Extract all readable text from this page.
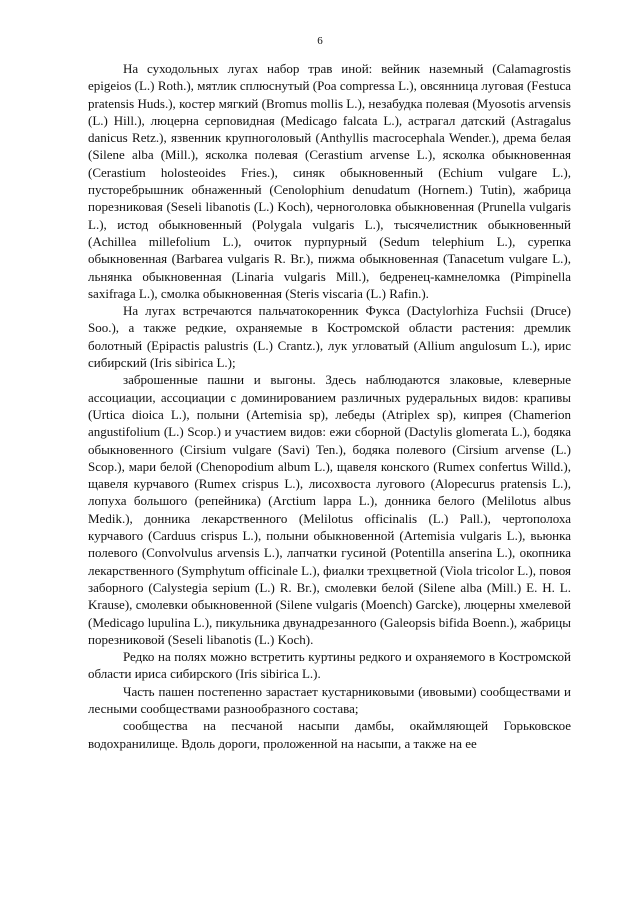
6

На суходольных лугах набор трав иной: вейник наземный (Calamagrostis epigeios (L.) Roth.), мятлик сплюснутый (Poa compressa L.), овсянница луговая (Festuca pratensis Huds.), костер мягкий (Bromus mollis L.), незабудка полевая (Myosotis arvensis (L.) Hill.), люцерна серповидная (Medicago falcata L.), астрагал датский (Astragalus danicus Retz.), язвенник крупноголовый (Anthyllis macrocephala Wender.), дрема белая (Silene alba (Mill.), ясколка полевая (Cerastium arvense L.), ясколка обыкновенная (Cerastium holosteoides Fries.), синяк обыкновенный (Echium vulgare L.), пусторебрышник обнаженный (Cenolophium denudatum (Hornem.) Tutin), жабрица порезниковая (Seseli libanotis (L.) Koch), черноголовка обыкновенная (Prunella vulgaris L.), истод обыкновенный (Polygala vulgaris L.), тысячелистник обыкновенный (Achillea millefolium L.), очиток пурпурный (Sedum telephium L.), сурепка обыкновенная (Barbarea vulgaris R. Br.), пижма обыкновенная (Tanacetum vulgare L.), льнянка обыкновенная (Linaria vulgaris Mill.), бедренец-камнеломка (Pimpinella saxifraga L.), смолка обыкновенная (Steris viscaria (L.) Rafin.).

На лугах встречаются пальчатокоренник Фукса (Dactylorhiza Fuchsii (Druce) Soo.), а также редкие, охраняемые в Костромской области растения: дремлик болотный (Epipactis palustris (L.) Crantz.), лук угловатый (Allium angulosum L.), ирис сибирский (Iris sibirica L.);

заброшенные пашни и выгоны. Здесь наблюдаются злаковые, клеверные ассоциации, ассоциации с доминированием различных рудеральных видов: крапивы (Urtica dioica L.), полыни (Artemisia sp), лебеды (Atriplex sp), кипрея (Chamerion angustifolium (L.) Scop.) и участием видов: ежи сборной (Dactylis glomerata L.), бодяка обыкновенного (Cirsium vulgare (Savi) Ten.), бодяка полевого (Cirsium arvense (L.) Scop.), мари белой (Chenopodium album L.), щавеля конского (Rumex confertus Willd.), щавеля курчавого (Rumex crispus L.), лисохвоста лугового (Alopecurus pratensis L.), лопуха большого (репейника) (Arctium lappa L.), донника белого (Melilotus albus Medik.), донника лекарственного (Melilotus officinalis (L.) Pall.), чертополоха курчавого (Carduus crispus L.), полыни обыкновенной (Artemisia vulgaris L.), вьюнка полевого (Convolvulus arvensis L.), лапчатки гусиной (Potentilla anserina L.), окопника лекарственного (Symphytum officinale L.), фиалки трехцветной (Viola tricolor L.), повоя заборного (Calystegia sepium (L.) R. Br.), смолевки белой (Silene alba (Mill.) E. H. L. Krause), смолевки обыкновенной (Silene vulgaris (Moench) Garcke), люцерны хмелевой (Medicago lupulina L.), пикульника двунадрезанного (Galeopsis bifida Boenn.), жабрицы порезниковой (Seseli libanotis (L.) Koch).

Редко на полях можно встретить куртины редкого и охраняемого в Костромской области ириса сибирского (Iris sibirica L.).

Часть пашен постепенно зарастает кустарниковыми (ивовыми) сообществами и лесными сообществами разнообразного состава;

сообщества на песчаной насыпи дамбы, окаймляющей Горьковское водохранилище. Вдоль дороги, проложенной на насыпи, а также на ее
